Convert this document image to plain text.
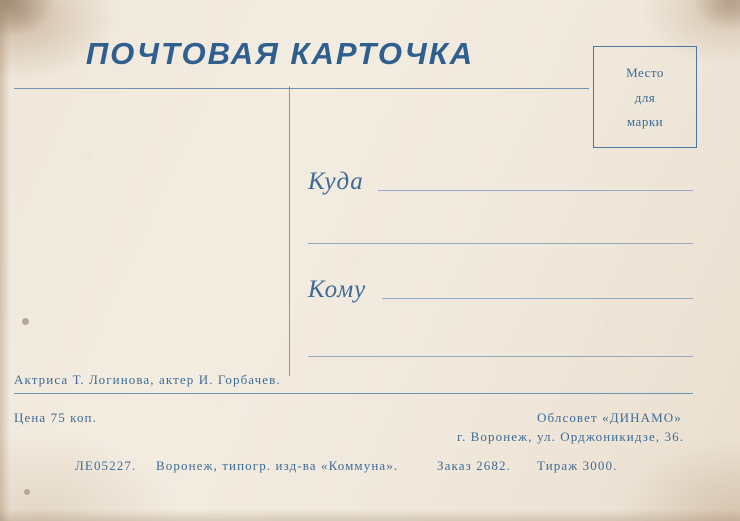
ПОЧТОВАЯ КАРТОЧКА
Место
для
марки
Куда
Кому
Актриса Т. Логинова, актер И. Горбачев.
Цена 75 коп.	Облсовет «ДИНАМО»
г. Воронеж, ул. Орджоникидзе, 36.
ЛЕ05227. Воронеж, типогр. изд-ва «Коммуна».	Заказ 2682. Тираж 3000.
